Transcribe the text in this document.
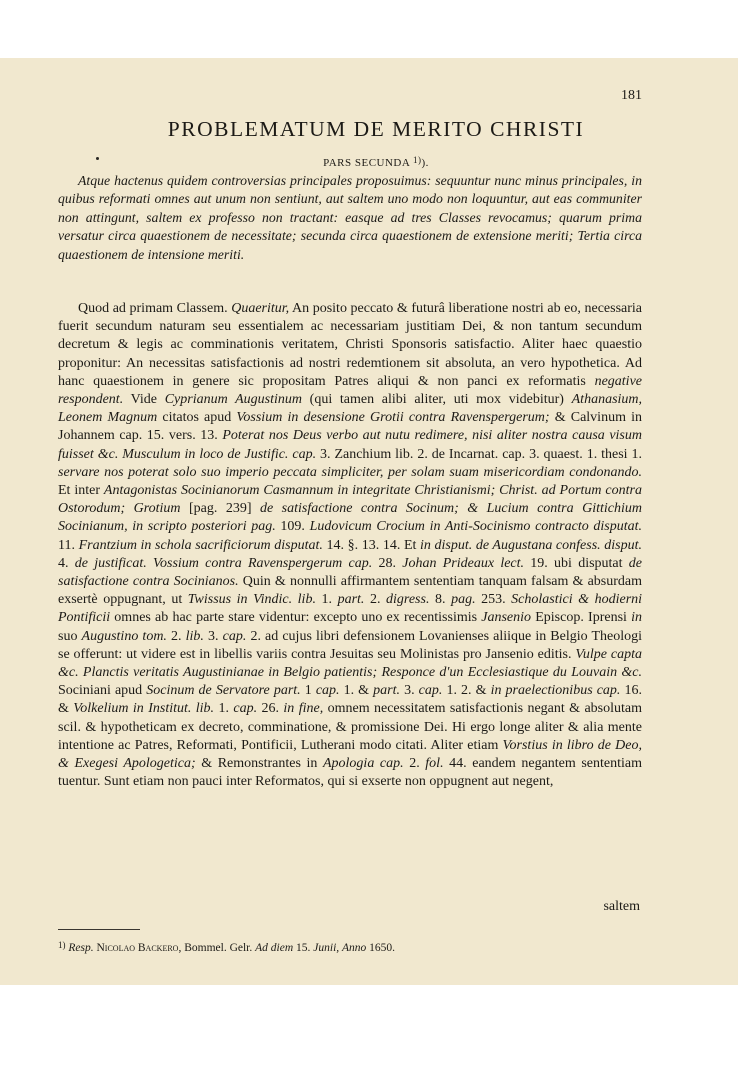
181
PROBLEMATUM DE MERITO CHRISTI
PARS SECUNDA $^{1)}$).
Atque hactenus quidem controversias principales proposuimus: sequuntur nunc minus principales, in quibus reformati omnes aut unum non sentiunt, aut saltem uno modo non loquuntur, aut eas communiter non attingunt, saltem ex professo non tractant: easque ad tres Classes revocamus; quarum prima versatur circa quaestionem de necessitate; secunda circa quaestionem de extensione meriti; Tertia circa quaestionem de intensione meriti.
Quod ad primam Classem. Quaeritur, An posito peccato & futurâ liberatione nostri ab eo, necessaria fuerit secundum naturam seu essentialem ac necessariam justitiam Dei, & non tantum secundum decretum & legis ac comminationis veritatem, Christi Sponsoris satisfactio. Aliter haec quaestio proponitur: An necessitas satisfactionis ad nostri redemtionem sit absoluta, an vero hypothetica. Ad hanc quaestionem in genere sic propositam Patres aliqui & non panci ex reformatis negative respondent. Vide Cyprianum Augustinum (qui tamen alibi aliter, uti mox videbitur) Athanasium, Leonem Magnum citatos apud Vossium in desensione Grotii contra Ravenspergerum; & Calvinum in Johannem cap. 15. vers. 13. Poterat nos Deus verbo aut nutu redimere, nisi aliter nostra causa visum fuisset &c. Musculum in loco de Justific. cap. 3. Zanchium lib. 2. de Incarnat. cap. 3. quaest. 1. thesi 1. servare nos poterat solo suo imperio peccata simpliciter, per solam suam misericordiam condonando. Et inter Antagonistas Socinianorum Casmannum in integritate Christianismi; Christ. ad Portum contra Ostorodum; Grotium [pag. 239] de satisfactione contra Socinum; & Lucium contra Gittichium Socinianum, in scripto posteriori pag. 109. Ludovicum Crocium in Anti-Socinismo contracto disputat. 11. Frantzium in schola sacrificiorum disputat. 14. §. 13. 14. Et in disput. de Augustana confess. disput. 4. de justificat. Vossium contra Ravenspergerum cap. 28. Johan Prideaux lect. 19. ubi disputat de satisfactione contra Socinianos. Quin & nonnulli affirmantem sententiam tanquam falsam & absurdam exsertè oppugnant, ut Twissus in Vindic. lib. 1. part. 2. digress. 8. pag. 253. Scholastici & hodierni Pontificii omnes ab hac parte stare videntur: excepto uno ex recentissimis Jansenio Episcop. Iprensi in suo Augustino tom. 2. lib. 3. cap. 2. ad cujus libri defensionem Lovanienses aliique in Belgio Theologi se offerunt: ut videre est in libellis variis contra Jesuitas seu Molinistas pro Jansenio editis. Vulpe capta &c. Planctis veritatis Augustinianae in Belgio patientis; Responce d'un Ecclesiastique du Louvain &c. Sociniani apud Socinum de Servatore part. 1 cap. 1. & part. 3. cap. 1. 2. & in praelectionibus cap. 16. & Volkelium in Institut. lib. 1. cap. 26. in fine, omnem necessitatem satisfactionis negant & absolutam scil. & hypotheticam ex decreto, comminatione, & promissione Dei. Hi ergo longe aliter & alia mente intentione ac Patres, Reformati, Pontificii, Lutherani modo citati. Aliter etiam Vorstius in libro de Deo, & Exegesi Apologetica; & Remonstrantes in Apologia cap. 2. fol. 44. eandem negantem sententiam tuentur. Sunt etiam non pauci inter Reformatos, qui si exserte non oppugnent aut negent,
saltem
$^{1)}$ Resp. Nicolao Backero, Bommel. Gelr. Ad diem 15. Junii, Anno 1650.
